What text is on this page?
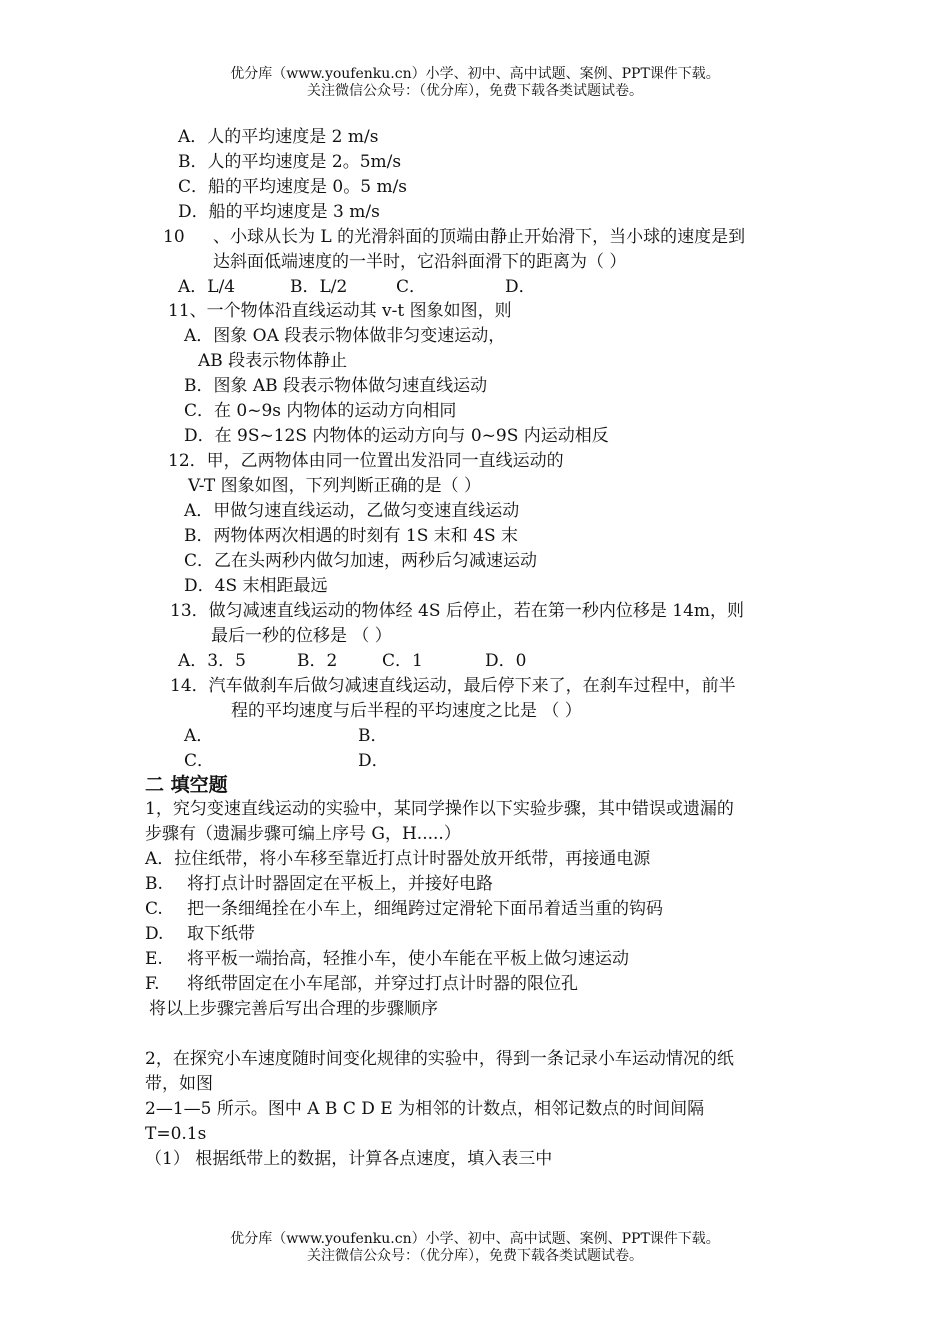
优分库（www.youfenku.cn）小学、初中、高中试题、案例、PPT课件下载。
关注微信公众号：（优分库），免费下载各类试题试卷。
A．人的平均速度是 2 m/s
B．人的平均速度是 2。5m/s
C．船的平均速度是 0。5 m/s
D．船的平均速度是 3 m/s
10 、小球从长为 L 的光滑斜面的顶端由静止开始滑下，当小球的速度是到
达斜面低端速度的一半时，它沿斜面滑下的距离为（ ）
A．L/4	B．L/2	C．	D．
11、一个物体沿直线运动其 v-t 图象如图，则
A．图象 OA 段表示物体做非匀变速运动，
AB 段表示物体静止
B．图象 AB 段表示物体做匀速直线运动
C．在 0~9s 内物体的运动方向相同
D．在 9S~12S 内物体的运动方向与 0~9S 内运动相反
12．甲，乙两物体由同一位置出发沿同一直线运动的
V-T 图象如图，下列判断正确的是（ ）
A．甲做匀速直线运动，乙做匀变速直线运动
B．两物体两次相遇的时刻有 1S 末和 4S 末
C．乙在头两秒内做匀加速，两秒后匀减速运动
D．4S 末相距最远
13．做匀减速直线运动的物体经 4S 后停止，若在第一秒内位移是 14m，则
最后一秒的位移是 （ ）
A．3．5	B．2	C．1	D．0
14．汽车做刹车后做匀减速直线运动，最后停下来了，在刹车过程中，前半
程的平均速度与后半程的平均速度之比是 （ ）
A．	B．
C．	D．
二 填空题
1，究匀变速直线运动的实验中，某同学操作以下实验步骤，其中错误或遗漏的
步骤有（遗漏步骤可编上序号 G，H.....）
A．拉住纸带，将小车移至靠近打点计时器处放开纸带，再接通电源
B. 将打点计时器固定在平板上，并接好电路
C. 把一条细绳拴在小车上，细绳跨过定滑轮下面吊着适当重的钩码
D. 取下纸带
E. 将平板一端抬高，轻推小车，使小车能在平板上做匀速运动
F. 将纸带固定在小车尾部，并穿过打点计时器的限位孔
将以上步骤完善后写出合理的步骤顺序
2，在探究小车速度随时间变化规律的实验中，得到一条记录小车运动情况的纸
带，如图
2—1—5 所示。图中 A B C D E 为相邻的计数点，相邻记数点的时间间隔
T=0.1s
（1） 根据纸带上的数据，计算各点速度，填入表三中
优分库（www.youfenku.cn）小学、初中、高中试题、案例、PPT课件下载。
关注微信公众号：（优分库），免费下载各类试题试卷。
